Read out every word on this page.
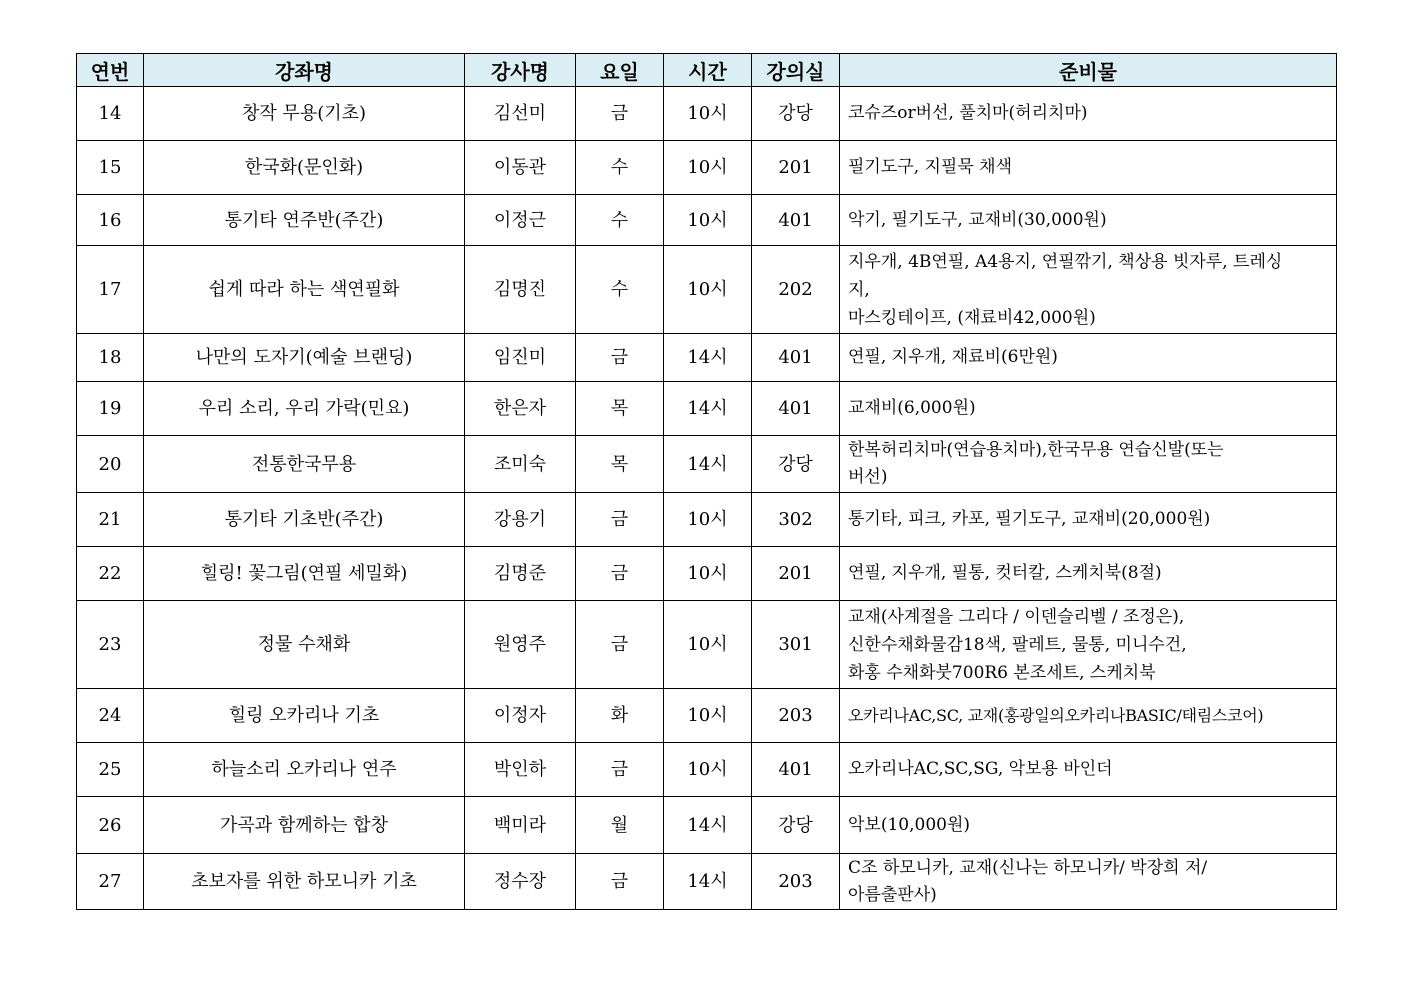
연번	강좌명	강사명	요일	시간	강의실	준비물
14	창작 무용(기초)	김선미	금	10시	강당	코슈즈or버선, 풀치마(허리치마)

15	한국화(문인화)	이동관	수	10시	201	필기도구, 지필묵 채색

16	통기타 연주반(주간)	이정근	수	10시	401	악기, 필기도구, 교재비(30,000원)

17	쉽게 따라 하는 색연필화	김명진	수	10시	202	지우개, 4B연필, A4용지, 연필깎기, 책상용 빗자루, 트레싱
지,
마스킹테이프, (재료비42,000원)

18	나만의 도자기(예술 브랜딩)	임진미	금	14시	401	연필, 지우개, 재료비(6만원)

19	우리 소리, 우리 가락(민요)	한은자	목	14시	401	교재비(6,000원)

20	전통한국무용	조미숙	목	14시	강당	한복허리치마(연습용치마),한국무용 연습신발(또는
버선)

21	통기타 기초반(주간)	강용기	금	10시	302	통기타, 피크, 카포, 필기도구, 교재비(20,000원)

22	힐링! 꽃그림(연필 세밀화)	김명준	금	10시	201	연필, 지우개, 필통, 컷터칼, 스케치북(8절)

23	정물 수채화	원영주	금	10시	301	교재(사계절을 그리다 / 이덴슬리벨 / 조정은),
신한수채화물감18색, 팔레트, 물통, 미니수건,
화홍 수채화붓700R6 본조세트, 스케치북

24	힐링 오카리나 기초	이정자	화	10시	203	오카리나AC,SC, 교재(홍광일의오카리나BASIC/태림스코어)

25	하늘소리 오카리나 연주	박인하	금	10시	401	오카리나AC,SC,SG, 악보용 바인더

26	가곡과 함께하는 합창	백미라	월	14시	강당	악보(10,000원)

27	초보자를 위한 하모니카 기초	정수장	금	14시	203	C조 하모니카, 교재(신나는 하모니카/ 박장희 저/
아름출판사)
